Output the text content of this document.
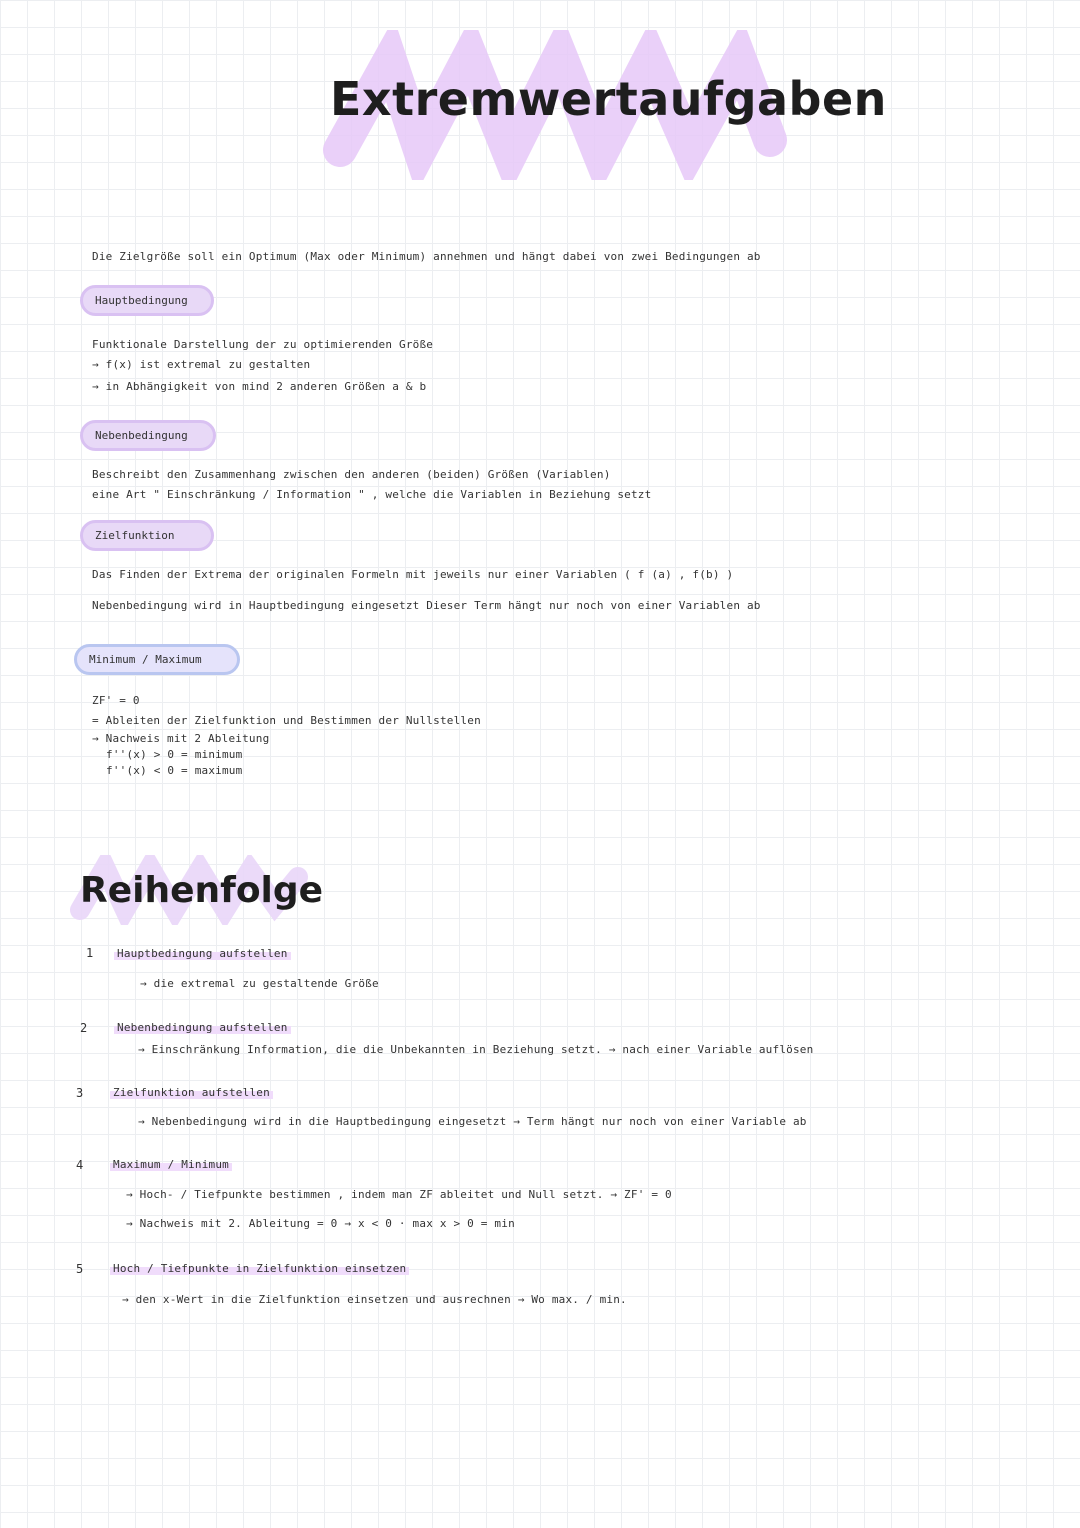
Extremwertaufgaben
Die Zielgröße soll ein Optimum (Max oder Minimum) annehmen und hängt dabei von zwei Bedingungen ab
Hauptbedingung
Funktionale Darstellung der zu optimierenden Größe
→ f(x) ist extremal zu gestalten
→ in Abhängigkeit von mind 2 anderen Größen a & b
Nebenbedingung
Beschreibt den Zusammenhang zwischen den anderen (beiden) Größen (Variablen)
eine Art " Einschränkung / Information " , welche die Variablen in Beziehung setzt
Zielfunktion
Das Finden der Extrema der originalen Formeln mit jeweils nur einer Variablen ( f (a) , f(b) )
Nebenbedingung wird in Hauptbedingung eingesetzt Dieser Term hängt nur noch von einer Variablen ab
Minimum / Maximum
ZF' = 0
= Ableiten der Zielfunktion und Bestimmen der Nullstellen
→ Nachweis mit 2 Ableitung
f''(x) > 0 = minimum
f''(x) < 0 = maximum
Reihenfolge
1 Hauptbedingung aufstellen
→ die extremal zu gestaltende Größe
2	Nebenbedingung aufstellen
→ Einschränkung Information, die die Unbekannten in Beziehung setzt. → nach einer Variable auflösen
3	Zielfunktion aufstellen
→ Nebenbedingung wird in die Hauptbedingung eingesetzt → Term hängt nur noch von einer Variable ab
4	Maximum / Minimum
→ Hoch- / Tiefpunkte bestimmen , indem man ZF ableitet und Null setzt. → ZF' = 0
→ Nachweis mit 2. Ableitung = 0 → x < 0 · max x > 0 = min
5	Hoch / Tiefpunkte in Zielfunktion einsetzen
→ den x-Wert in die Zielfunktion einsetzen und ausrechnen → Wo max. / min.
